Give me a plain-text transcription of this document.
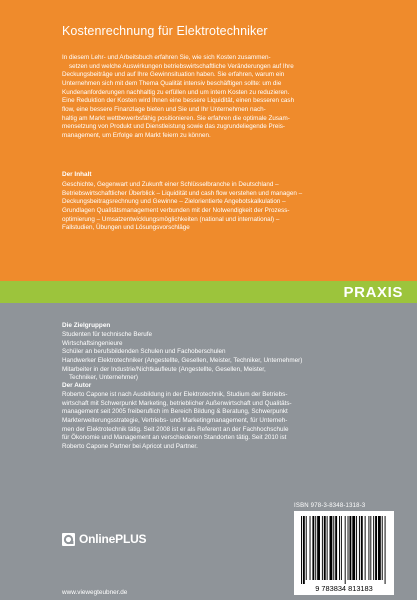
Kostenrechnung für Elektrotechniker
In diesem Lehr- und Arbeitsbuch erfahren Sie, wie sich Kosten zusammen-
setzen und welche Auswirkungen betriebswirtschaftliche Veränderungen auf Ihre
Deckungsbeiträge und auf Ihre Gewinnsituation haben. Sie erfahren, warum ein
Unternehmen sich mit dem Thema Qualität intensiv beschäftigen sollte: um die
Kundenanforderungen nachhaltig zu erfüllen und um intern Kosten zu reduzieren.
Eine Reduktion der Kosten wird Ihnen eine bessere Liquidität, einen besseren cash
flow, eine bessere Finanzlage bieten und Sie und Ihr Unternehmen nach-
haltig am Markt wettbewerbsfähig positionieren. Sie erfahren die optimale Zusam-
mensetzung von Produkt und Dienstleistung sowie das zugrundeliegende Preis-
management, um Erfolge am Markt feiern zu können.
Der Inhalt
Geschichte, Gegenwart und Zukunft einer Schlüsselbranche in Deutschland –
Betriebswirtschaftlicher Überblick – Liquidität und cash flow verstehen und managen –
Deckungsbeitragsrechnung und Gewinne – Zielorientierte Angebotskalkulation –
Grundlagen Qualitätsmanagement verbunden mit der Notwendigkeit der Prozess-
optimierung – Umsatzentwicklungsmöglichkeiten (national und international) –
Fallstudien, Übungen und Lösungsvorschläge
PRAXIS
Die Zielgruppen
Studenten für technische Berufe
Wirtschaftsingenieure
Schüler an berufsbildenden Schulen und Fachoberschulen
Handwerker Elektrotechniker (Angestellte, Gesellen, Meister, Techniker, Unternehmer)
Mitarbeiter in der Industrie/Nichtkaufleute (Angestellte, Gesellen, Meister,
Techniker, Unternehmer)
Der Autor
Roberto Capone ist nach Ausbildung in der Elektrotechnik, Studium der Betriebs-
wirtschaft mit Schwerpunkt Marketing, betrieblicher Außenwirtschaft und Qualitäts-
management seit 2005 freiberuflich im Bereich Bildung & Beratung, Schwerpunkt
Markterweiterungsstrategie, Vertriebs- und Marketingmanagement, für Unterneh-
men der Elektrotechnik tätig. Seit 2008 ist er als Referent an der Fachhochschule
für Ökonomie und Management an verschiedenen Standorten tätig. Seit 2010 ist
Roberto Capone Partner bei Apricot und Partner.
OnlinePLUS
www.viewegteubner.de
ISBN 978-3-8348-1318-3
9 783834 813183
